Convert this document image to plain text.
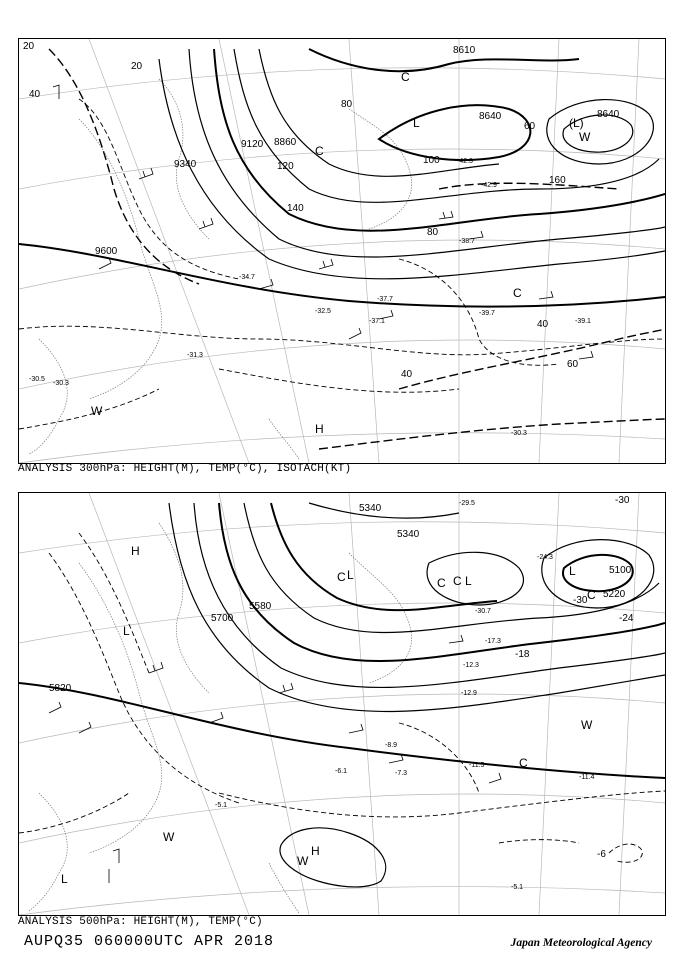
9600
9340
9120 8860
8640	8640
8610
20
20
40
40
40
60
60
80
80
100
120
140
160
C
C
C
L	(L)
W
W
H
-37.7
-37.1
-39.7
-38.7
-34.7
-32.5
-31.3
-30.5
-30.3
-42.3
-42.9
-30.3
-39.1
ANALYSIS 300hPa: HEIGHT(M), TEMP(°C), ISOTACH(KT)
5820
5700
5580
5340
5340
5220
5100
-30
-30
-24
-18
-6
H
L
L
C	C L
C
L
C
W
C
W
H
W
L
-29.5
-24.3
-30.7
-17.3
-12.3
-12.9
-11.5
-11.4
-8.9
-7.3
-5.1
-6.1
-5.1
ANALYSIS 500hPa: HEIGHT(M), TEMP(°C)
AUPQ35 060000UTC APR 2018	Japan Meteorological Agency
